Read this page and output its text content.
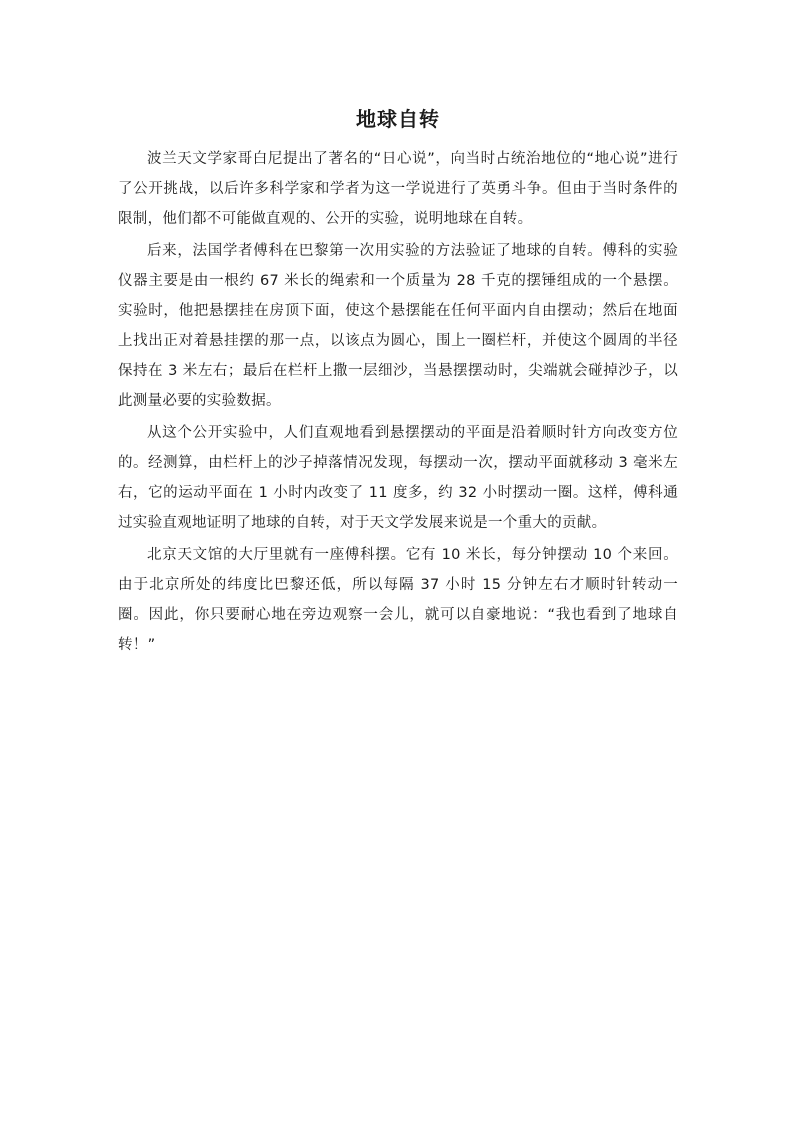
地球自转

波兰天文学家哥白尼提出了著名的“日心说”，向当时占统治地位的“地心说”进行了公开挑战，以后许多科学家和学者为这一学说进行了英勇斗争。但由于当时条件的限制，他们都不可能做直观的、公开的实验，说明地球在自转。

后来，法国学者傅科在巴黎第一次用实验的方法验证了地球的自转。傅科的实验仪器主要是由一根约 67 米长的绳索和一个质量为 28 千克的摆锤组成的一个悬摆。实验时，他把悬摆挂在房顶下面，使这个悬摆能在任何平面内自由摆动；然后在地面上找出正对着悬挂摆的那一点，以该点为圆心，围上一圈栏杆，并使这个圆周的半径保持在 3 米左右；最后在栏杆上撒一层细沙，当悬摆摆动时，尖端就会碰掉沙子，以此测量必要的实验数据。

从这个公开实验中，人们直观地看到悬摆摆动的平面是沿着顺时针方向改变方位的。经测算，由栏杆上的沙子掉落情况发现，每摆动一次，摆动平面就移动 3 毫米左右，它的运动平面在 1 小时内改变了 11 度多，约 32 小时摆动一圈。这样，傅科通过实验直观地证明了地球的自转，对于天文学发展来说是一个重大的贡献。

北京天文馆的大厅里就有一座傅科摆。它有 10 米长，每分钟摆动 10 个来回。由于北京所处的纬度比巴黎还低，所以每隔 37 小时 15 分钟左右才顺时针转动一圈。因此，你只要耐心地在旁边观察一会儿，就可以自豪地说：“我也看到了地球自转！”
